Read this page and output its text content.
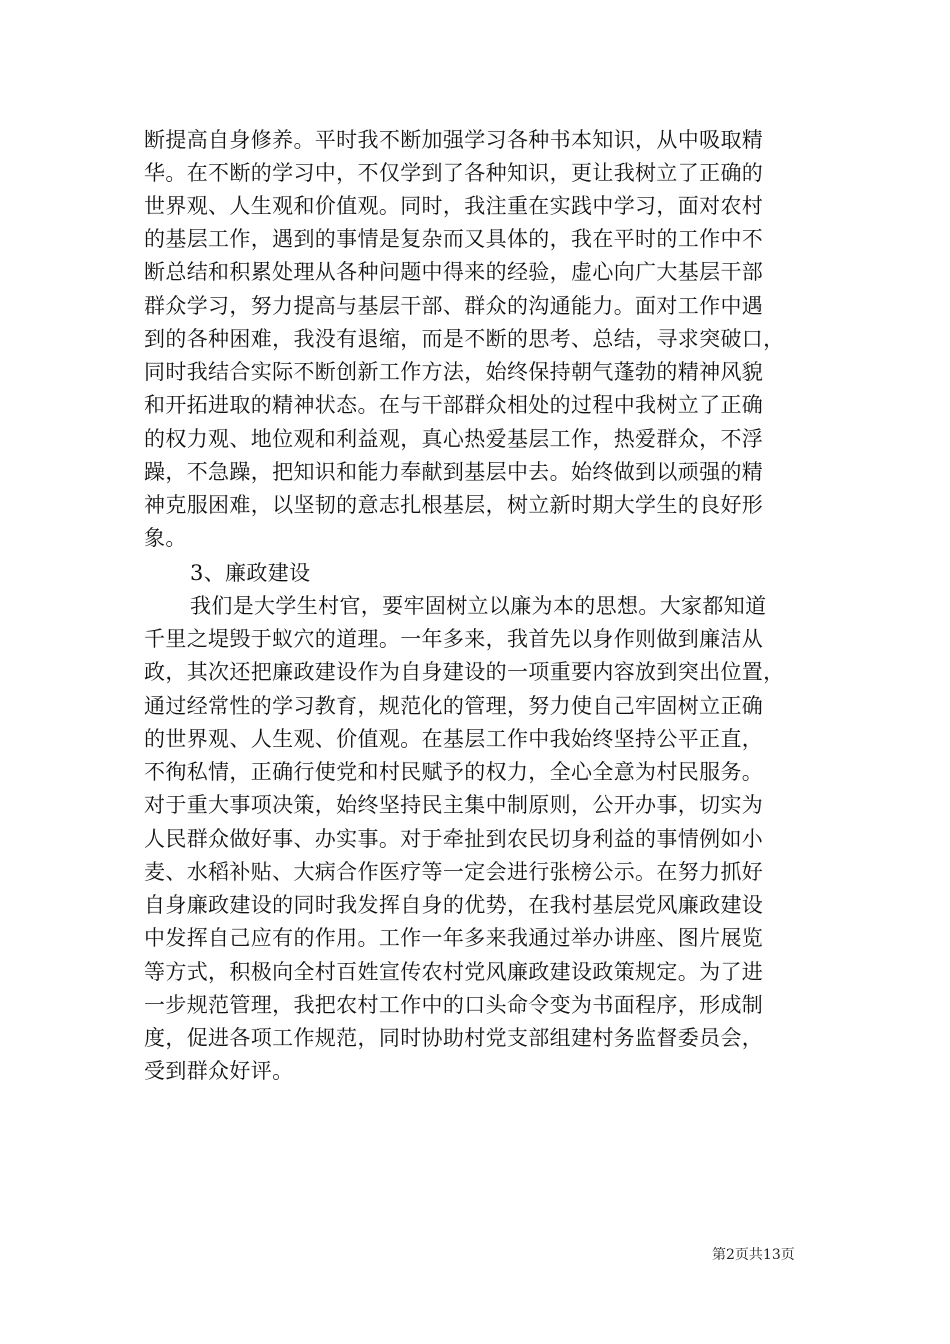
断提高自身修养。平时我不断加强学习各种书本知识，从中吸取精
华。在不断的学习中，不仅学到了各种知识，更让我树立了正确的
世界观、人生观和价值观。同时，我注重在实践中学习，面对农村
的基层工作，遇到的事情是复杂而又具体的，我在平时的工作中不
断总结和积累处理从各种问题中得来的经验，虚心向广大基层干部
群众学习，努力提高与基层干部、群众的沟通能力。面对工作中遇
到的各种困难，我没有退缩，而是不断的思考、总结，寻求突破口，
同时我结合实际不断创新工作方法，始终保持朝气蓬勃的精神风貌
和开拓进取的精神状态。在与干部群众相处的过程中我树立了正确
的权力观、地位观和利益观，真心热爱基层工作，热爱群众，不浮
躁，不急躁，把知识和能力奉献到基层中去。始终做到以顽强的精
神克服困难，以坚韧的意志扎根基层，树立新时期大学生的良好形
象。
3、廉政建设
我们是大学生村官，要牢固树立以廉为本的思想。大家都知道
千里之堤毁于蚁穴的道理。一年多来，我首先以身作则做到廉洁从
政，其次还把廉政建设作为自身建设的一项重要内容放到突出位置，
通过经常性的学习教育，规范化的管理，努力使自己牢固树立正确
的世界观、人生观、价值观。在基层工作中我始终坚持公平正直，
不徇私情，正确行使党和村民赋予的权力，全心全意为村民服务。
对于重大事项决策，始终坚持民主集中制原则，公开办事，切实为
人民群众做好事、办实事。对于牵扯到农民切身利益的事情例如小
麦、水稻补贴、大病合作医疗等一定会进行张榜公示。在努力抓好
自身廉政建设的同时我发挥自身的优势，在我村基层党风廉政建设
中发挥自己应有的作用。工作一年多来我通过举办讲座、图片展览
等方式，积极向全村百姓宣传农村党风廉政建设政策规定。为了进
一步规范管理，我把农村工作中的口头命令变为书面程序，形成制
度，促进各项工作规范，同时协助村党支部组建村务监督委员会，
受到群众好评。
第2页共13页
